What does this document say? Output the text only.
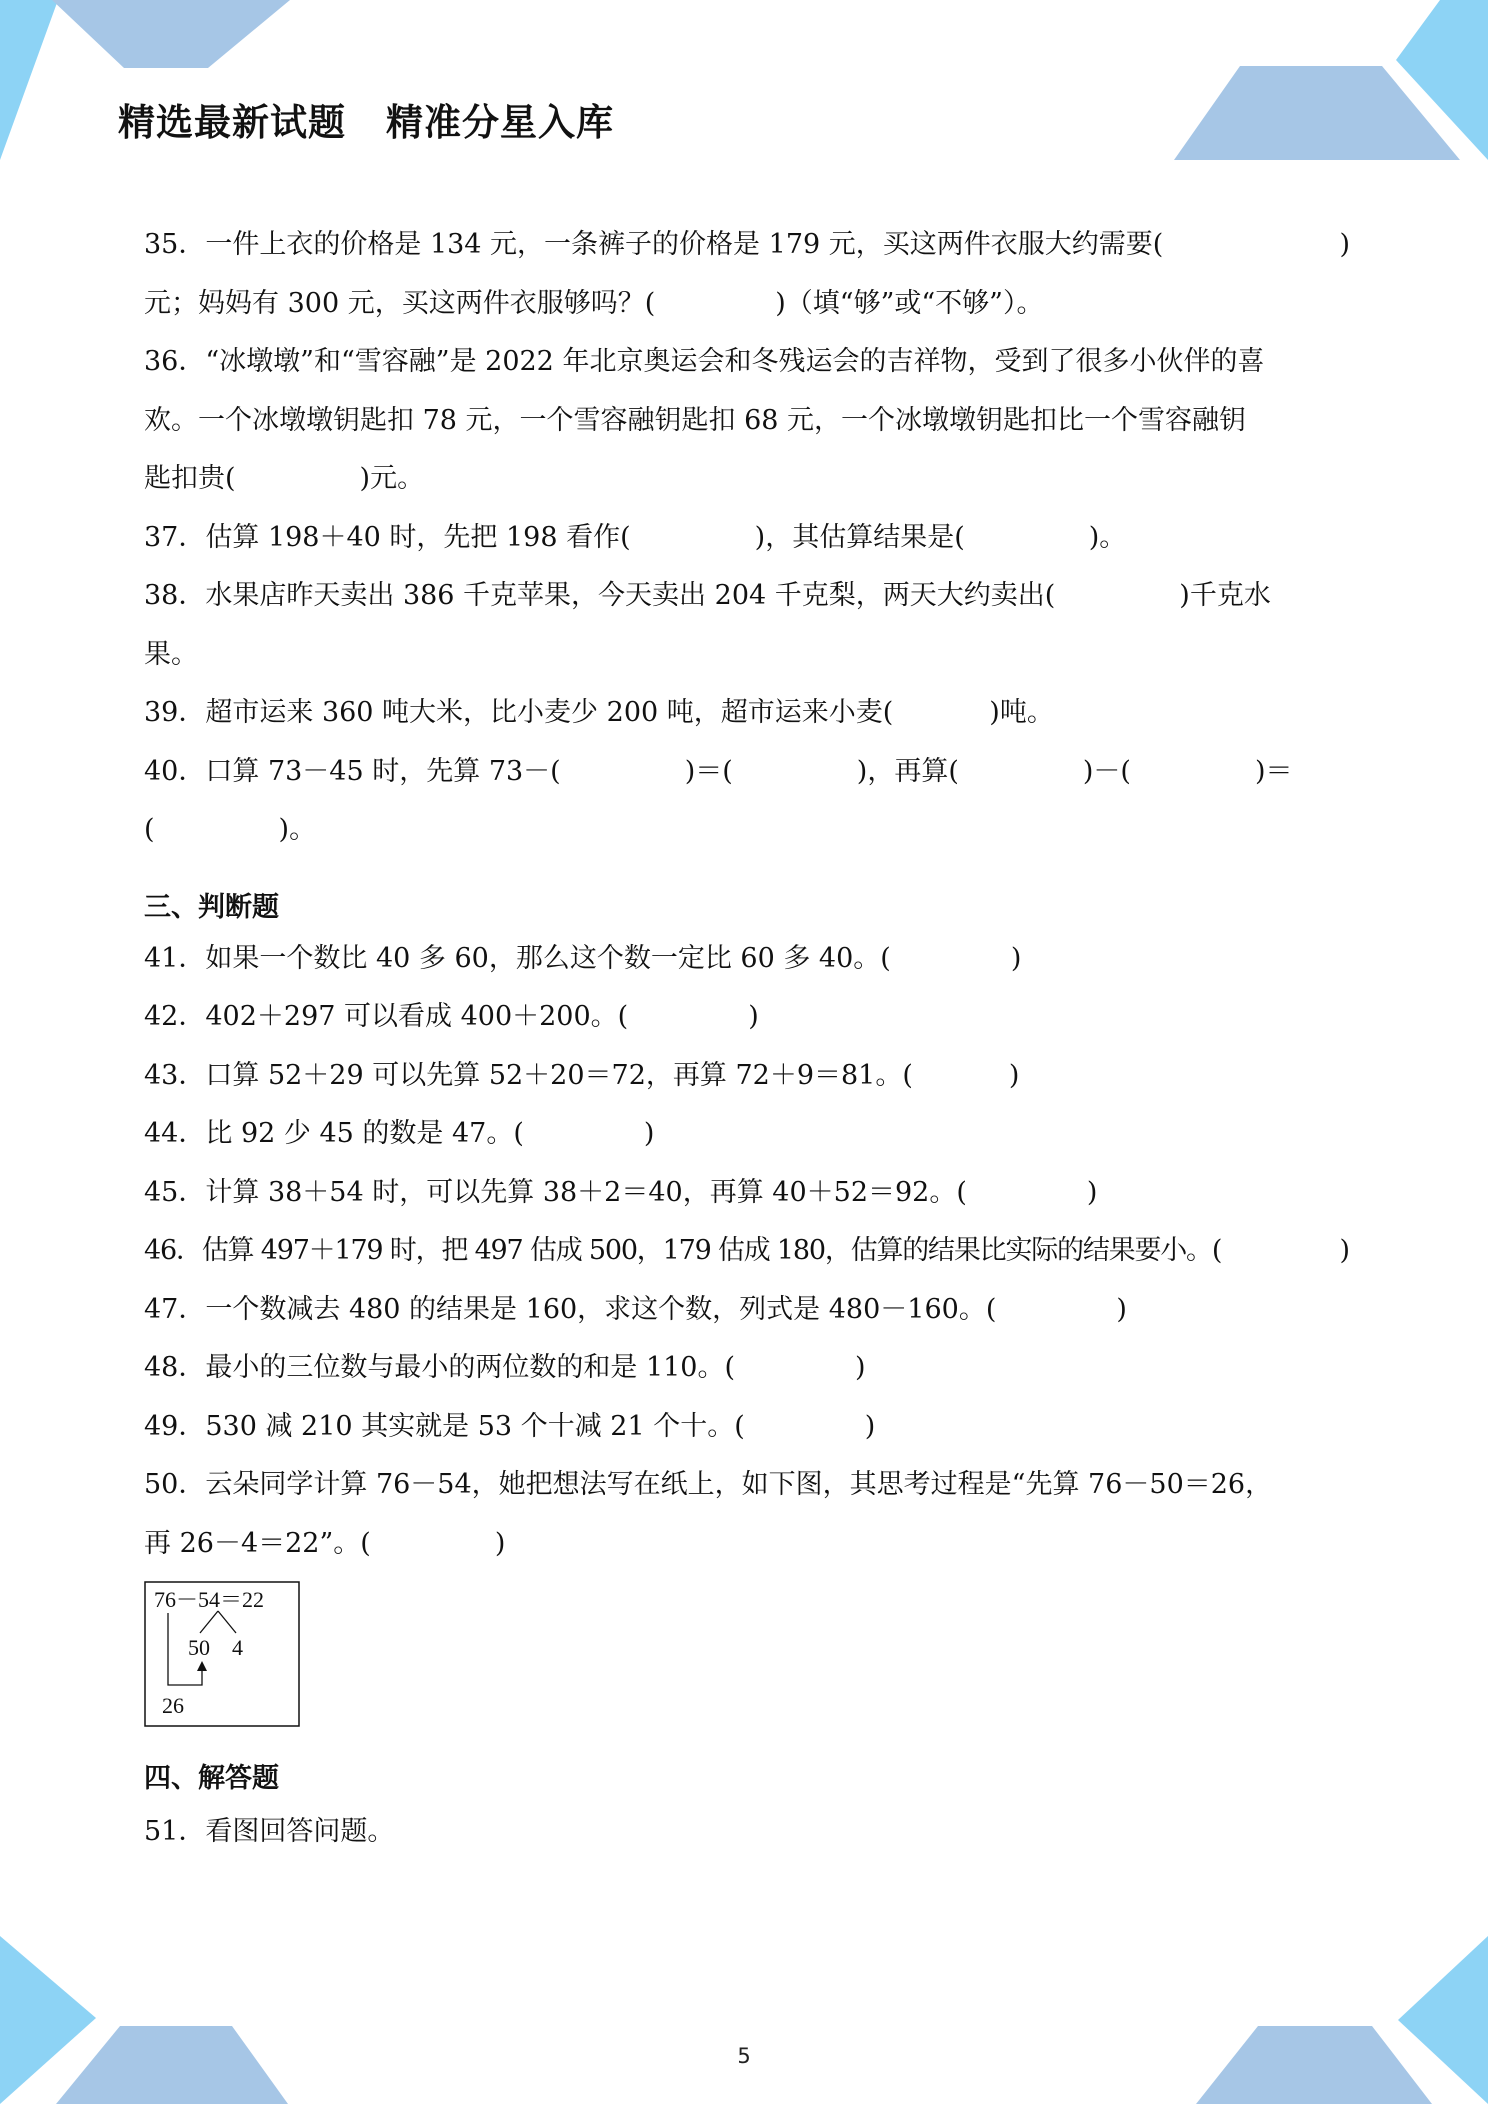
精选最新试题 精准分星入库
35．一件上衣的价格是 134 元，一条裤子的价格是 179 元，买这两件衣服大约需要(	)
元；妈妈有 300 元，买这两件衣服够吗？(	)（填“够”或“不够”）。
36．“冰墩墩”和“雪容融”是 2022 年北京奥运会和冬残运会的吉祥物，受到了很多小伙伴的喜
欢。一个冰墩墩钥匙扣 78 元，一个雪容融钥匙扣 68 元，一个冰墩墩钥匙扣比一个雪容融钥
匙扣贵(	)元。
37．估算 198＋40 时，先把 198 看作(	)，其估算结果是(	)。
38．水果店昨天卖出 386 千克苹果，今天卖出 204 千克梨，两天大约卖出(	)千克水
果。
39．超市运来 360 吨大米，比小麦少 200 吨，超市运来小麦(	)吨。
40．口算 73－45 时，先算 73－(	)＝(	)，再算(	)－(	)＝
(	)。
三、判断题
41．如果一个数比 40 多 60，那么这个数一定比 60 多 40。(	)
42．402＋297 可以看成 400＋200。(	)
43．口算 52＋29 可以先算 52＋20＝72，再算 72＋9＝81。(	)
44．比 92 少 45 的数是 47。(	)
45．计算 38＋54 时，可以先算 38＋2＝40，再算 40＋52＝92。(	)
46．估算 497＋179 时，把 497 估成 500，179 估成 180，估算的结果比实际的结果要小。(	)
47．一个数减去 480 的结果是 160，求这个数，列式是 480－160。(	)
48．最小的三位数与最小的两位数的和是 110。(	)
49．530 减 210 其实就是 53 个十减 21 个十。(	)
50．云朵同学计算 76－54，她把想法写在纸上，如下图，其思考过程是“先算 76－50＝26，
再 26－4＝22”。(	)
76－54＝22
50 4
26
四、解答题
51．看图回答问题。
5
